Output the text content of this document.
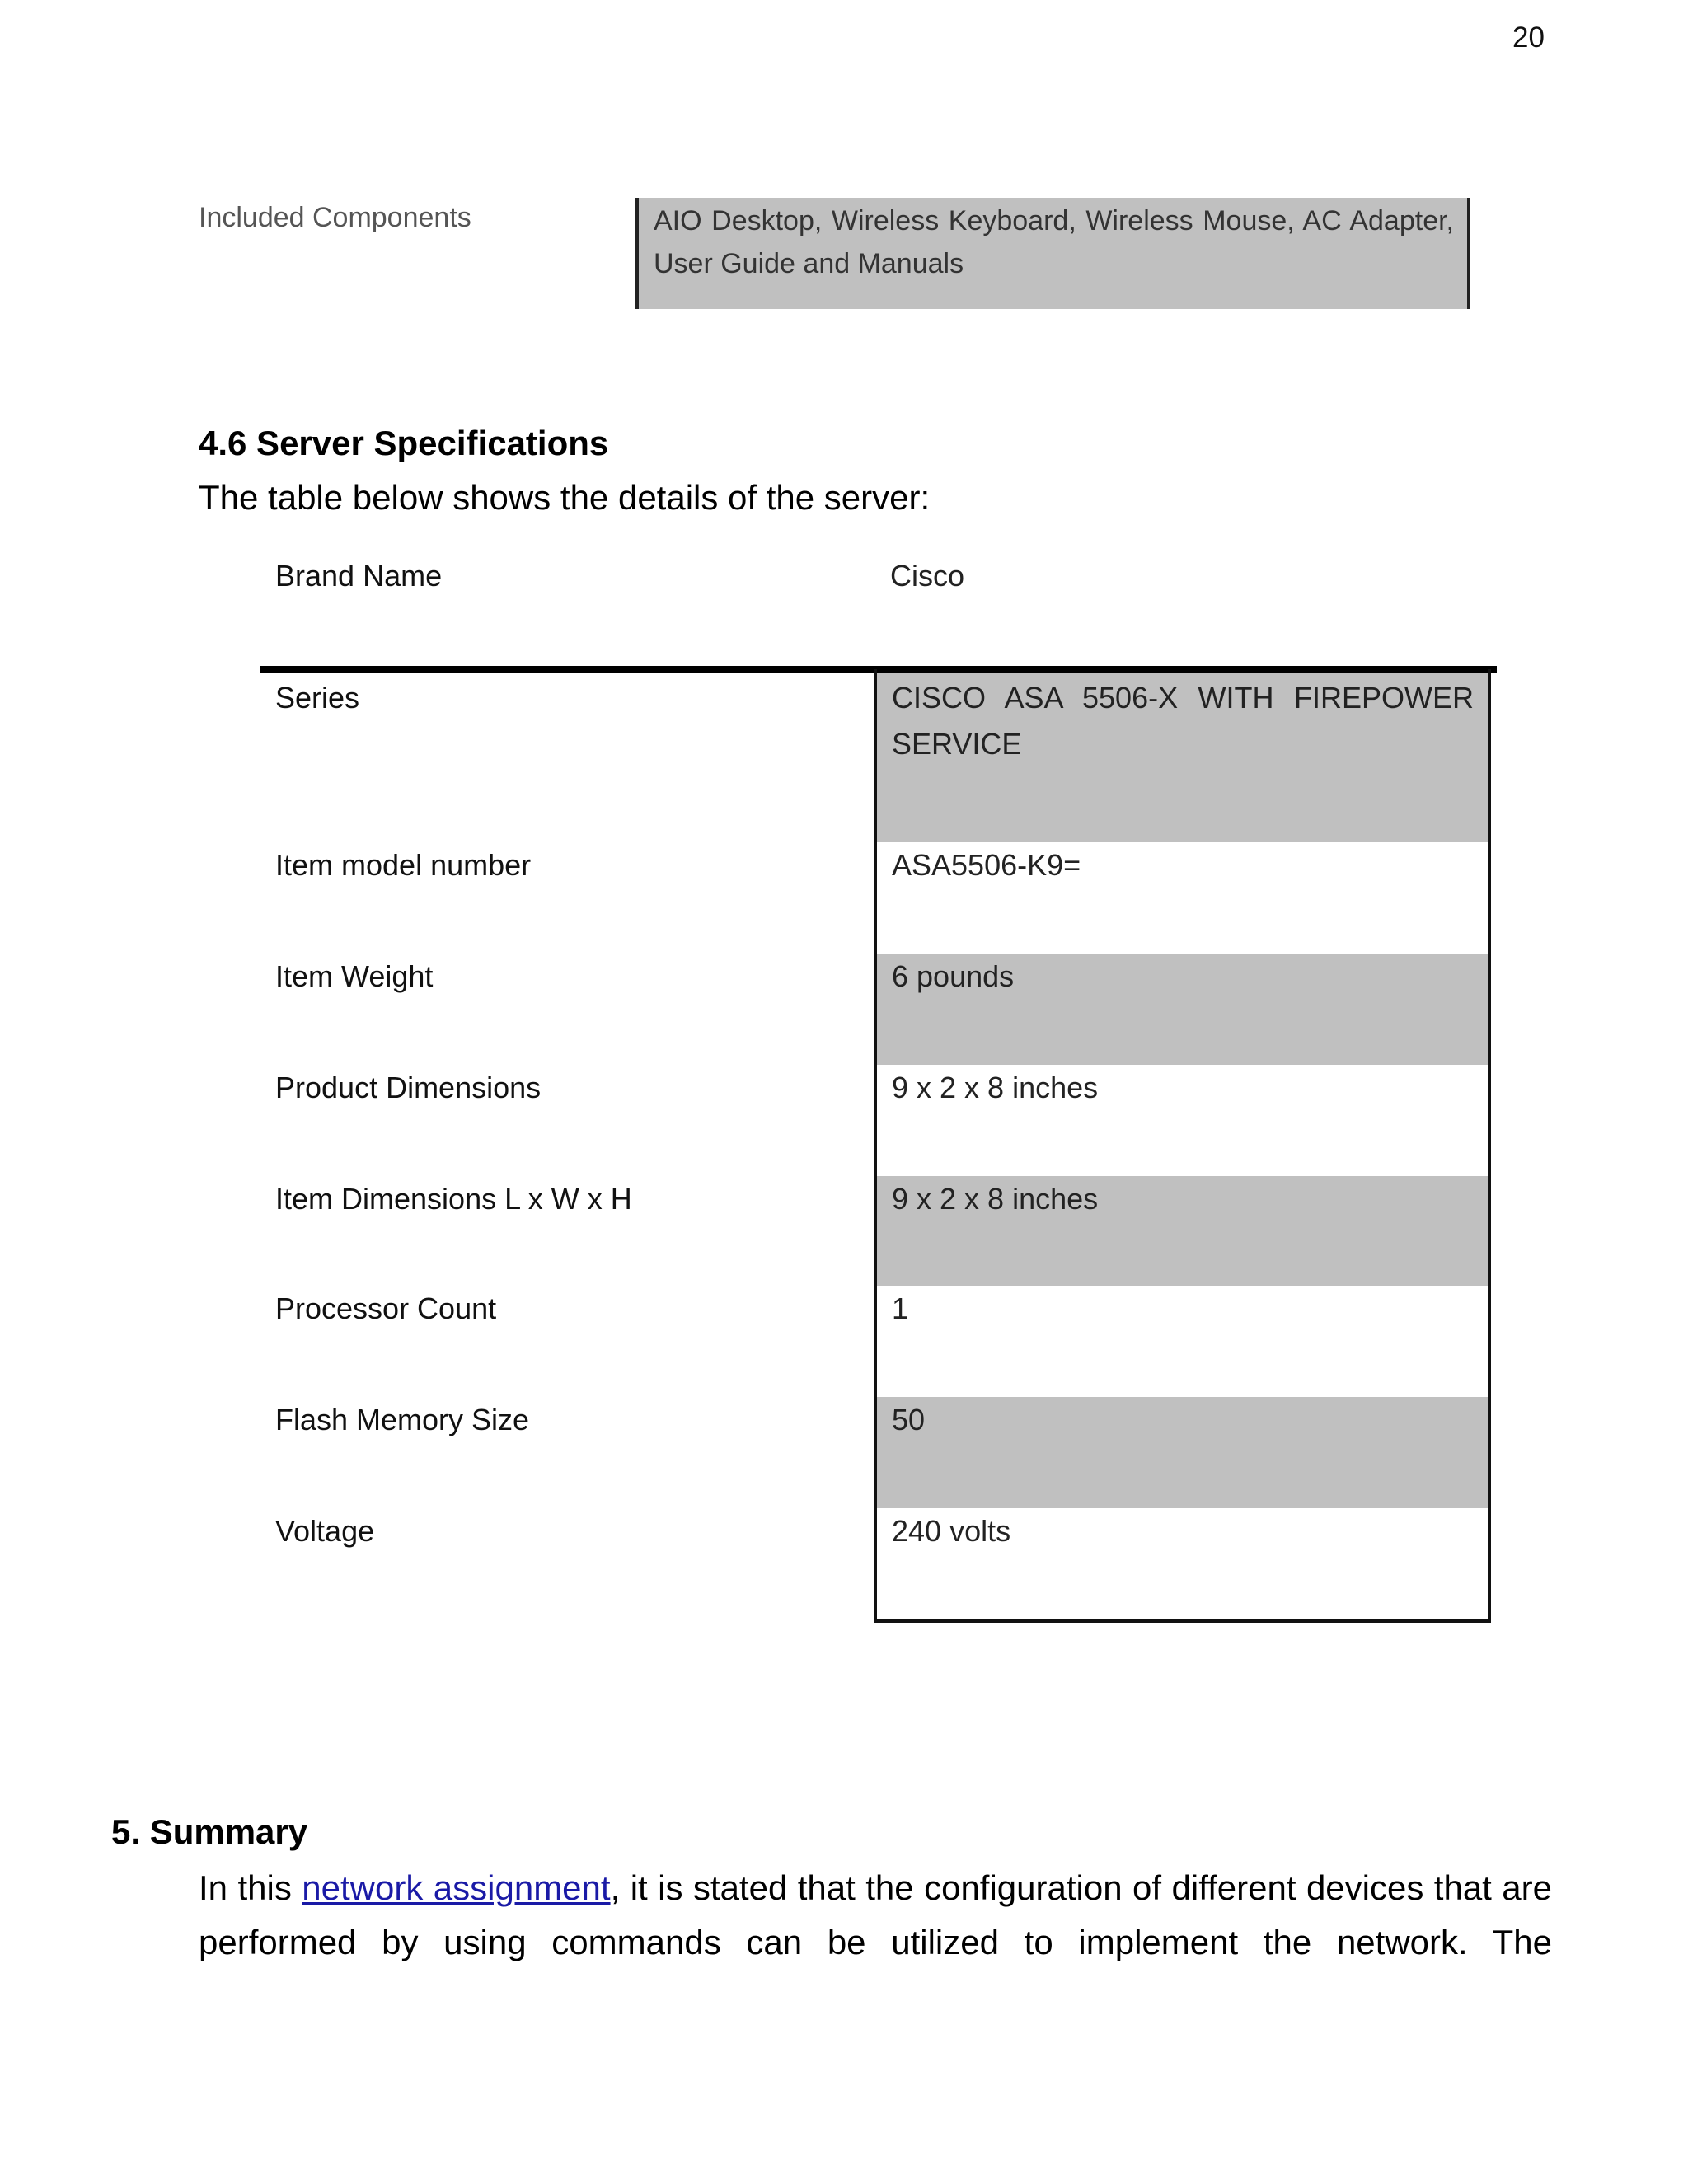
20
Included Components	AIO Desktop, Wireless Keyboard, Wireless Mouse, AC Adapter, User Guide and Manuals
4.6 Server Specifications
The table below shows the details of the server:
Brand Name	Cisco
Series	CISCO ASA 5506-X WITH FIREPOWER SERVICE
Item model number	ASA5506-K9=
Item Weight	6 pounds
Product Dimensions	9 x 2 x 8 inches
Item Dimensions L x W x H	9 x 2 x 8 inches
Processor Count	1
Flash Memory Size	50
Voltage	240 volts
5. Summary
In this network assignment, it is stated that the configuration of different devices that are performed by using commands can be utilized to implement the network. The
